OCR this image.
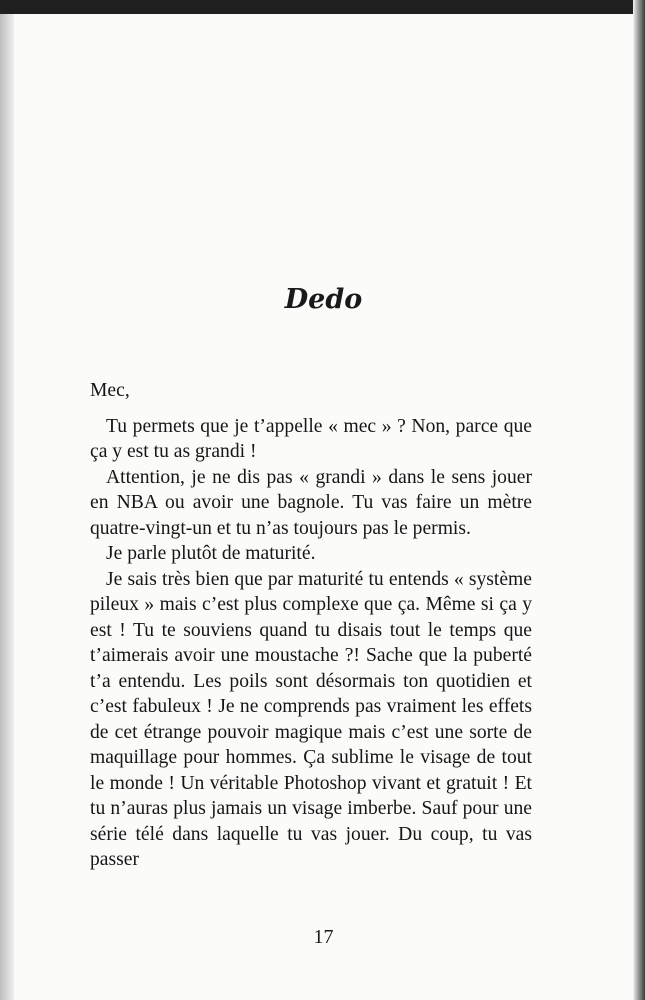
Dedo

Mec,

Tu permets que je t’appelle « mec » ? Non, parce que ça y est tu as grandi !

Attention, je ne dis pas « grandi » dans le sens jouer en NBA ou avoir une bagnole. Tu vas faire un mètre quatre-vingt-un et tu n’as toujours pas le permis.

Je parle plutôt de maturité.

Je sais très bien que par maturité tu entends « système pileux » mais c’est plus complexe que ça. Même si ça y est ! Tu te souviens quand tu disais tout le temps que t’aimerais avoir une moustache ?! Sache que la puberté t’a entendu. Les poils sont désormais ton quotidien et c’est fabuleux ! Je ne comprends pas vraiment les effets de cet étrange pouvoir magique mais c’est une sorte de maquillage pour hommes. Ça sublime le visage de tout le monde ! Un véritable Photoshop vivant et gratuit ! Et tu n’auras plus jamais un visage imberbe. Sauf pour une série télé dans laquelle tu vas jouer. Du coup, tu vas passer

17
